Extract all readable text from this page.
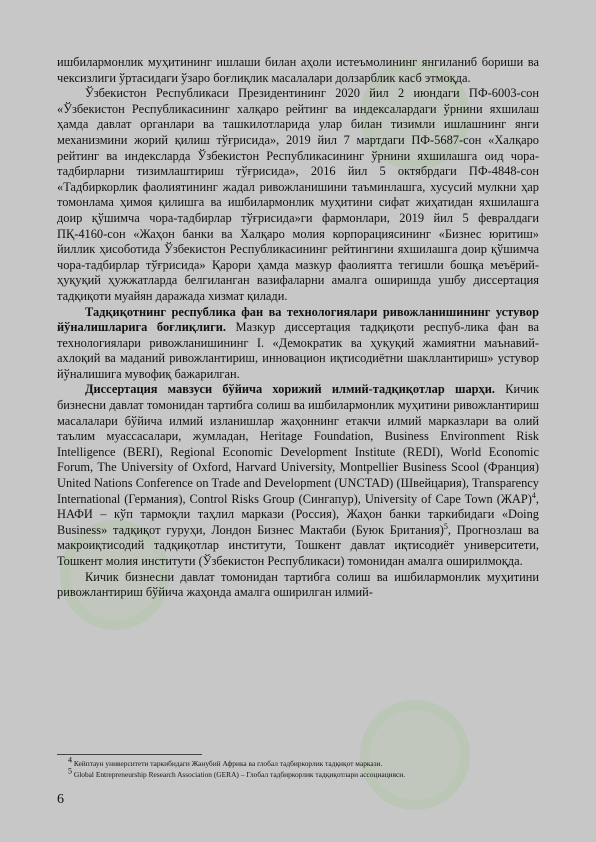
ишбилармонлик муҳитининг ишлаши билан аҳоли истеъмолининг янгиланиб бориши ва чексизлиги ўртасидаги ўзаро боғлиқлик масалалари долзарблик касб этмоқда.

Ўзбекистон Республикаси Президентининг 2020 йил 2 июндаги ПФ-6003-сон «Ўзбекистон Республикасининг халқаро рейтинг ва индексалардаги ўрнини яхшилаш ҳамда давлат органлари ва ташкилотларида улар билан тизимли ишлашнинг янги механизмини жорий қилиш тўғрисида», 2019 йил 7 мартдаги ПФ-5687-сон «Халқаро рейтинг ва индексларда Ўзбекистон Республикасининг ўрнини яхшилашга оид чора-тадбирларни тизимлаштириш тўғрисида», 2016 йил 5 октябрдаги ПФ-4848-сон «Тадбиркорлик фаолиятининг жадал ривожланишини таъминлашга, хусусий мулкни ҳар томонлама ҳимоя қилишга ва ишбилармонлик муҳитини сифат жиҳатидан яхшилашга доир қўшимча чора-тадбирлар тўғрисида»ги фармонлари, 2019 йил 5 февралдаги ПҚ-4160-сон «Жаҳон банки ва Халқаро молия корпорациясининг «Бизнес юритиш» йиллик ҳисоботида Ўзбекистон Республикасининг рейтингини яхшилашга доир қўшимча чора-тадбирлар тўғрисида» Қарори ҳамда мазкур фаолиятга тегишли бошқа меъёрий-ҳуқуқий ҳужжатларда белгиланган вазифаларни амалга оширишда ушбу диссертация тадқиқоти муайян даражада хизмат қилади.

Тадқиқотнинг республика фан ва технологиялари ривожланишининг устувор йўналишларига боғлиқлиги. Мазкур диссертация тадқиқоти респуб-лика фан ва технологиялари ривожланишининг I. «Демократик ва ҳуқуқий жамиятни маънавий-ахлоқий ва маданий ривожлантириш, инновацион иқтисодиётни шакллантириш» устувор йўналишига мувофиқ бажарилган.

Диссертация мавзуси бўйича хорижий илмий-тадқиқотлар шарҳи. Кичик бизнесни давлат томонидан тартибга солиш ва ишбилармонлик муҳитини ривожлантириш масалалари бўйича илмий изланишлар жаҳоннинг етакчи илмий марказлари ва олий таълим муассасалари, жумладан, Heritage Foundation, Business Environment Risk Intelligence (BERI), Regional Economic Development Institute (REDI), World Economic Forum, The University of Oxford, Harvard University, Montpellier Business Scool (Франция) United Nations Conference on Trade and Development (UNCTAD) (Швейцария), Transparency International (Германия), Control Risks Group (Сингапур), University of Cape Town (ЖАР)$^4$, НАФИ – кўп тармоқли таҳлил маркази (Россия), Жаҳон банки таркибидаги «Doing Business» тадқиқот гуруҳи, Лондон Бизнес Мактаби (Буюк Британия)$^5$, Прогнозлаш ва макроиқтисодий тадқиқотлар институти, Тошкент давлат иқтисодиёт университети, Тошкент молия институти (Ўзбекистон Республикаси) томонидан амалга оширилмоқда.

Кичик бизнесни давлат томонидан тартибга солиш ва ишбилармонлик муҳитини ривожлантириш бўйича жаҳонда амалга оширилган илмий-

4 Кейптаун университети таркибидаги Жанубий Африка ва глобал тадбиркорлик тадқиқот маркази.
5 Global Entrepreneurship Research Association (GERA) – Глобал тадбиркорлик тадқиқотлари ассоциацияси.
6
